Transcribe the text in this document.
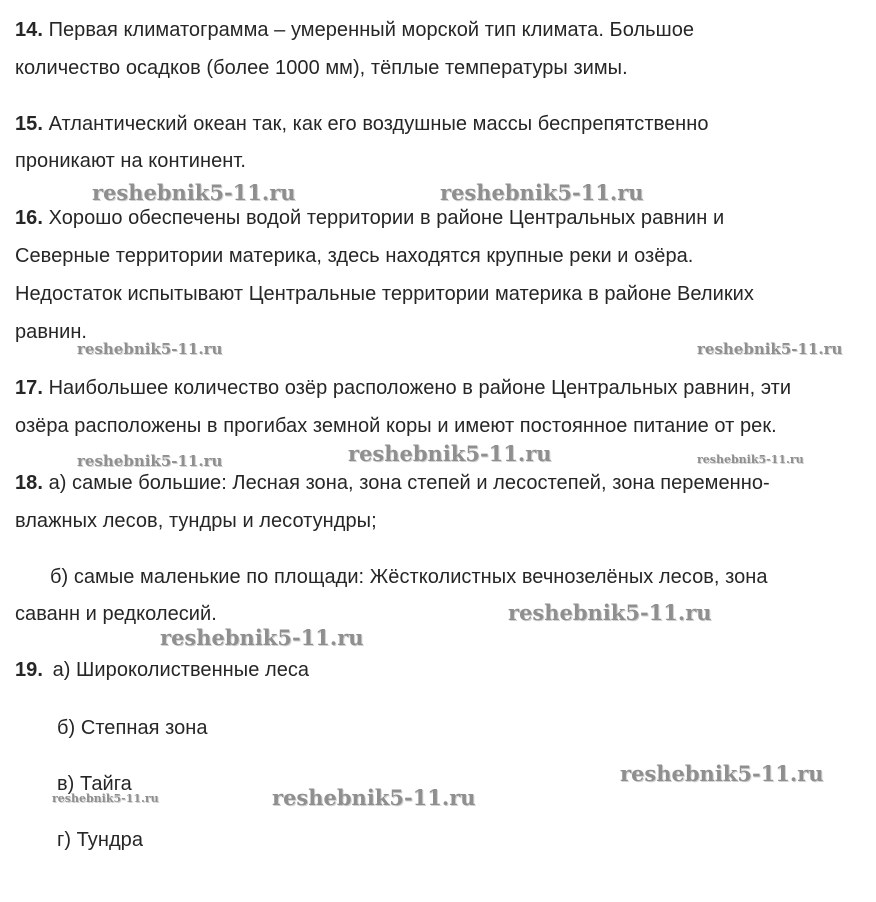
14. Первая климатограмма – умеренный морской тип климата. Большое
количество осадков (более 1000 мм), тёплые температуры зимы.
15. Атлантический океан так, как его воздушные массы беспрепятственно
проникают на континент.
16. Хорошо обеспечены водой территории в районе Центральных равнин и
Северные территории материка, здесь находятся крупные реки и озёра.
Недостаток испытывают Центральные территории материка в районе Великих
равнин.
17. Наибольшее количество озёр расположено в районе Центральных равнин, эти
озёра расположены в прогибах земной коры и имеют постоянное питание от рек.
18. а) самые большие: Лесная зона, зона степей и лесостепей, зона переменно-
влажных лесов, тундры и лесотундры;
б) самые маленькие по площади: Жёстколистных вечнозелёных лесов, зона
саванн и редколесий.
19. а) Широколиственные леса
б) Степная зона
в) Тайга
г) Тундра
reshebnik5-11.ru	reshebnik5-11.ru
reshebnik5-11.ru	reshebnik5-11.ru
reshebnik5-11.ru	reshebnik5-11.ru	reshebnik5-11.ru
reshebnik5-11.ru
reshebnik5-11.ru
reshebnik5-11.ru
reshebnik5-11.ru
reshebnik5-11.ru
